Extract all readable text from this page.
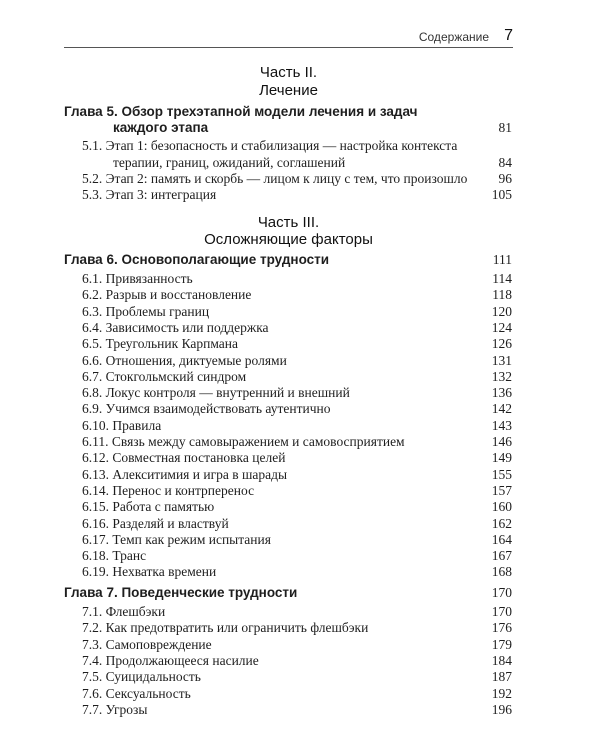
Содержание 7
Часть II.
Лечение
Глава 5. Обзор трехэтапной модели лечения и задач
каждого этапа	81
5.1. Этап 1: безопасность и стабилизация — настройка контекста
терапии, границ, ожиданий, соглашений	84
5.2. Этап 2: память и скорбь — лицом к лицу с тем, что произошло 96
5.3. Этап 3: интеграция	105
Часть III.
Осложняющие факторы
Глава 6. Основополагающие трудности	111
6.1. Привязанность	114
6.2. Разрыв и восстановление	118
6.3. Проблемы границ	120
6.4. Зависимость или поддержка	124
6.5. Треугольник Карпмана	126
6.6. Отношения, диктуемые ролями	131
6.7. Стокгольмский синдром	132
6.8. Локус контроля — внутренний и внешний	136
6.9. Учимся взаимодействовать аутентично	142
6.10. Правила	143
6.11. Связь между самовыражением и самовосприятием	146
6.12. Совместная постановка целей	149
6.13. Алекситимия и игра в шарады	155
6.14. Перенос и контрперенос	157
6.15. Работа с памятью	160
6.16. Разделяй и властвуй	162
6.17. Темп как режим испытания	164
6.18. Транс	167
6.19. Нехватка времени	168
Глава 7. Поведенческие трудности	170
7.1. Флешбэки	170
7.2. Как предотвратить или ограничить флешбэки	176
7.3. Самоповреждение	179
7.4. Продолжающееся насилие	184
7.5. Суицидальность	187
7.6. Сексуальность	192
7.7. Угрозы	196
